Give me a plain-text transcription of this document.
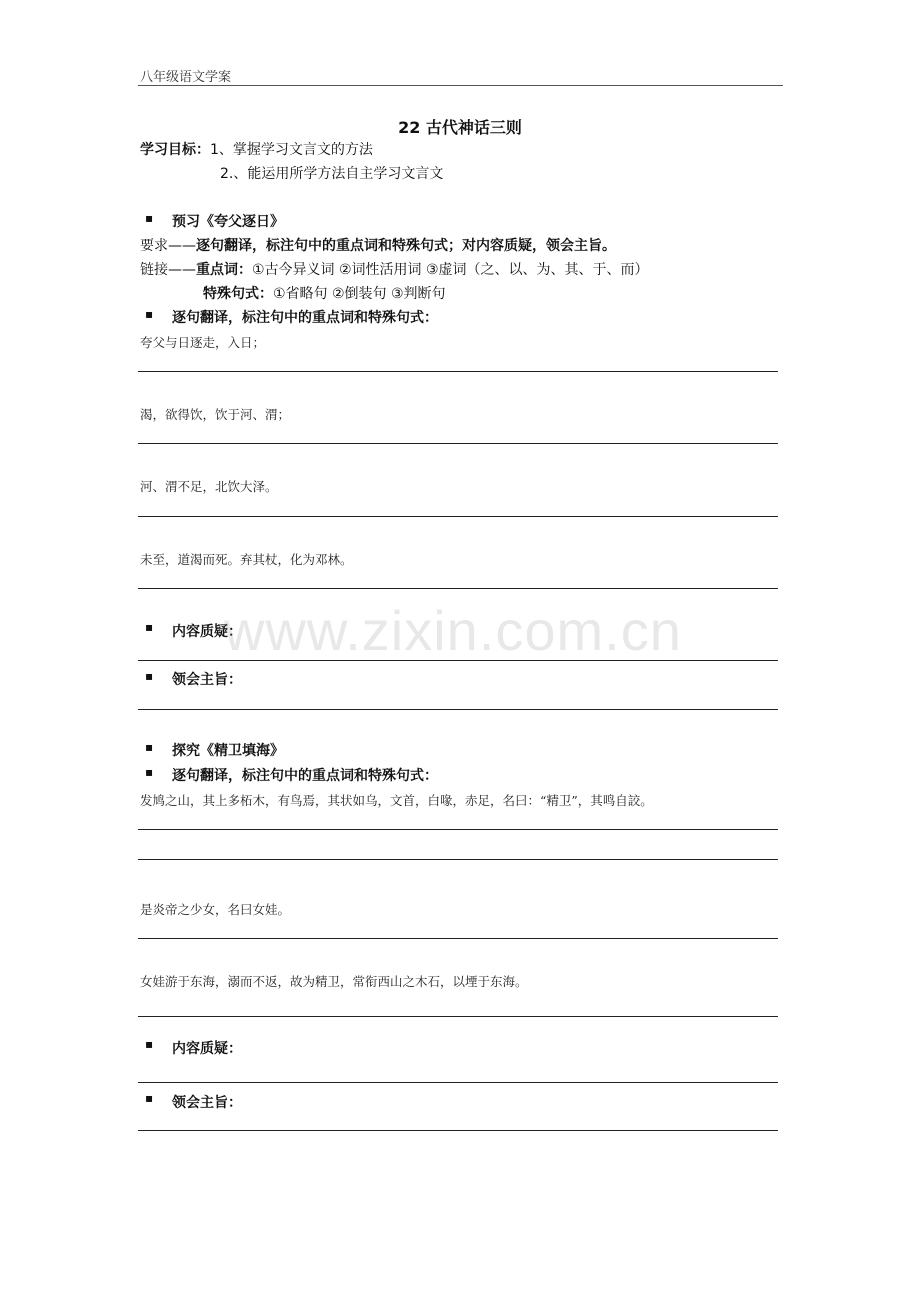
八年级语文学案
22 古代神话三则
学习目标：1、掌握学习文言文的方法
2.、能运用所学方法自主学习文言文
▪ 预习《夸父逐日》
要求——逐句翻译，标注句中的重点词和特殊句式；对内容质疑，领会主旨。
链接——重点词：①古今异义词 ②词性活用词 ③虚词（之、以、为、其、于、而）
特殊句式：①省略句 ②倒装句 ③判断句
▪ 逐句翻译，标注句中的重点词和特殊句式：
夸父与日逐走，入日；
渴，欲得饮，饮于河、渭；
河、渭不足，北饮大泽。
未至，道渴而死。弃其杖，化为邓林。
▪ 内容质疑：
▪ 领会主旨：
▪ 探究《精卫填海》
▪ 逐句翻译，标注句中的重点词和特殊句式：
发鸠之山，其上多柘木，有鸟焉，其状如乌，文首，白喙，赤足，名曰：“精卫”，其鸣自詨。
是炎帝之少女，名曰女娃。
女娃游于东海，溺而不返，故为精卫，常衔西山之木石，以堙于东海。
▪ 内容质疑：
▪ 领会主旨：
www.zixin.com.cn
